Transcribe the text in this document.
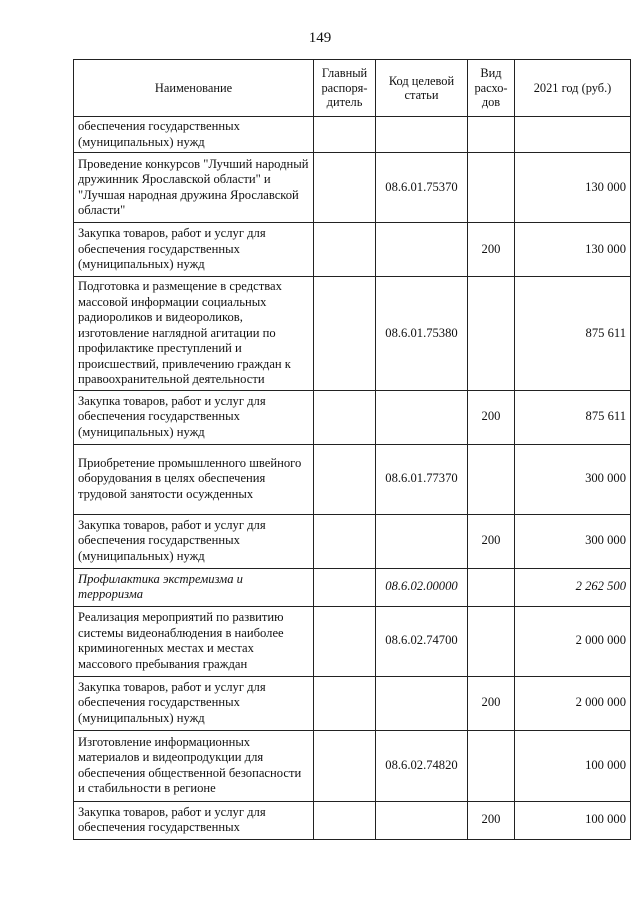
149
Наименование	Главный распоря-дитель	Код целевой статьи	Вид расхо-дов	2021 год (руб.)
обеспечения государственных (муниципальных) нужд				
Проведение конкурсов "Лучший народный дружинник Ярославской области" и "Лучшая народная дружина Ярославской области"		08.6.01.75370		130 000
Закупка товаров, работ и услуг для обеспечения государственных (муниципальных) нужд			200	130 000
Подготовка и размещение в средствах массовой информации социальных радиороликов и видеороликов, изготовление наглядной агитации по профилактике преступлений и происшествий, привлечению граждан к правоохранительной деятельности		08.6.01.75380		875 611
Закупка товаров, работ и услуг для обеспечения государственных (муниципальных) нужд			200	875 611
Приобретение промышленного швейного оборудования в целях обеспечения трудовой занятости осужденных		08.6.01.77370		300 000
Закупка товаров, работ и услуг для обеспечения государственных (муниципальных) нужд			200	300 000
Профилактика экстремизма и терроризма		08.6.02.00000		2 262 500
Реализация мероприятий по развитию системы видеонаблюдения в наиболее криминогенных местах и местах массового пребывания граждан		08.6.02.74700		2 000 000
Закупка товаров, работ и услуг для обеспечения государственных (муниципальных) нужд			200	2 000 000
Изготовление информационных материалов и видеопродукции для обеспечения общественной безопасности и стабильности в регионе		08.6.02.74820		100 000
Закупка товаров, работ и услуг для обеспечения государственных			200	100 000
